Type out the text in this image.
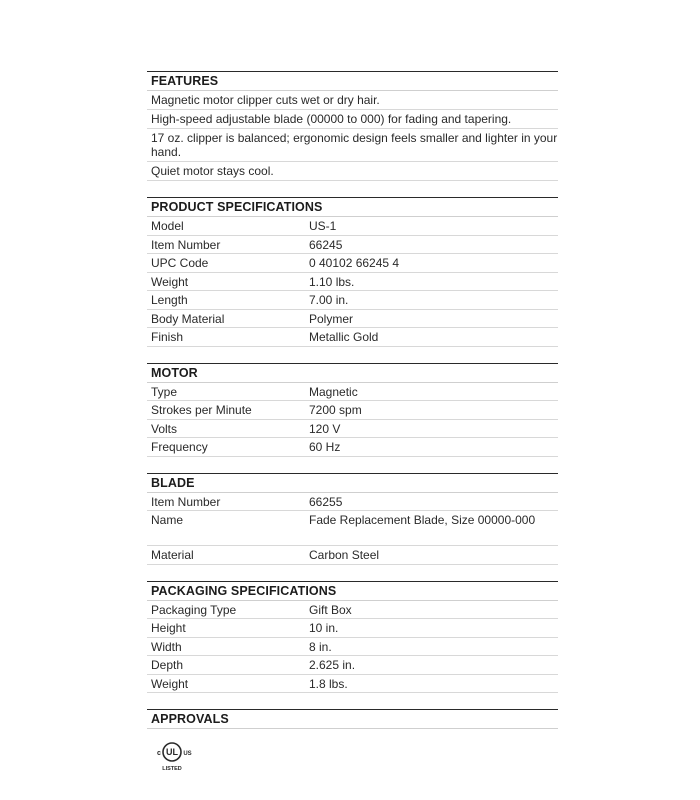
FEATURES
Magnetic motor clipper cuts wet or dry hair.
High-speed adjustable blade (00000 to 000) for fading and tapering.
17 oz. clipper is balanced; ergonomic design feels smaller and lighter in your hand.
Quiet motor stays cool.
PRODUCT SPECIFICATIONS
Model	US-1
Item Number	66245
UPC Code	0 40102 66245 4
Weight	1.10 lbs.
Length	7.00 in.
Body Material	Polymer
Finish	Metallic Gold
MOTOR
Type	Magnetic
Strokes per Minute	7200 spm
Volts	120 V
Frequency	60 Hz
BLADE
Item Number	66255
Name	Fade Replacement Blade, Size 00000-000
Material	Carbon Steel
PACKAGING SPECIFICATIONS
Packaging Type	Gift Box
Height	10 in.
Width	8 in.
Depth	2.625 in.
Weight	1.8 lbs.
APPROVALS
UL
c	US
LISTED
